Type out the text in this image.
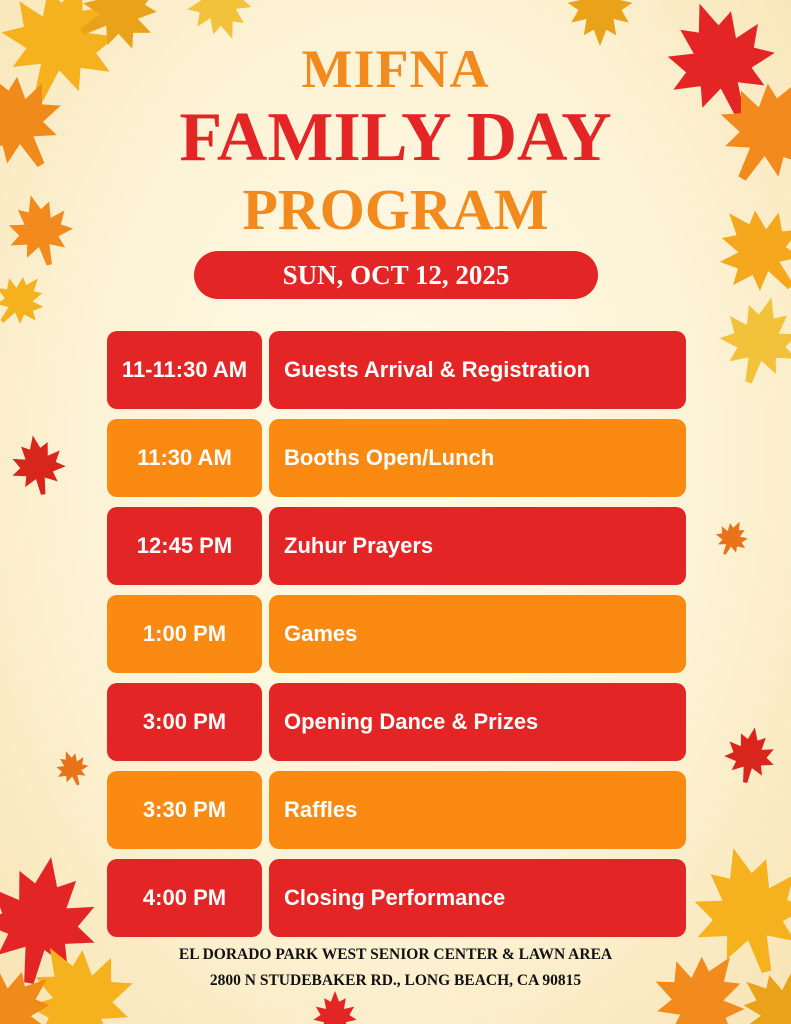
MIFNA
FAMILY DAY
PROGRAM
SUN, OCT 12, 2025
11-11:30 AM	Guests Arrival & Registration
11:30 AM	Booths Open/Lunch
12:45 PM	Zuhur Prayers
1:00 PM	Games
3:00 PM	Opening Dance & Prizes
3:30 PM	Raffles
4:00 PM	Closing Performance
EL DORADO PARK WEST SENIOR CENTER & LAWN AREA
2800 N STUDEBAKER RD., LONG BEACH, CA 90815
